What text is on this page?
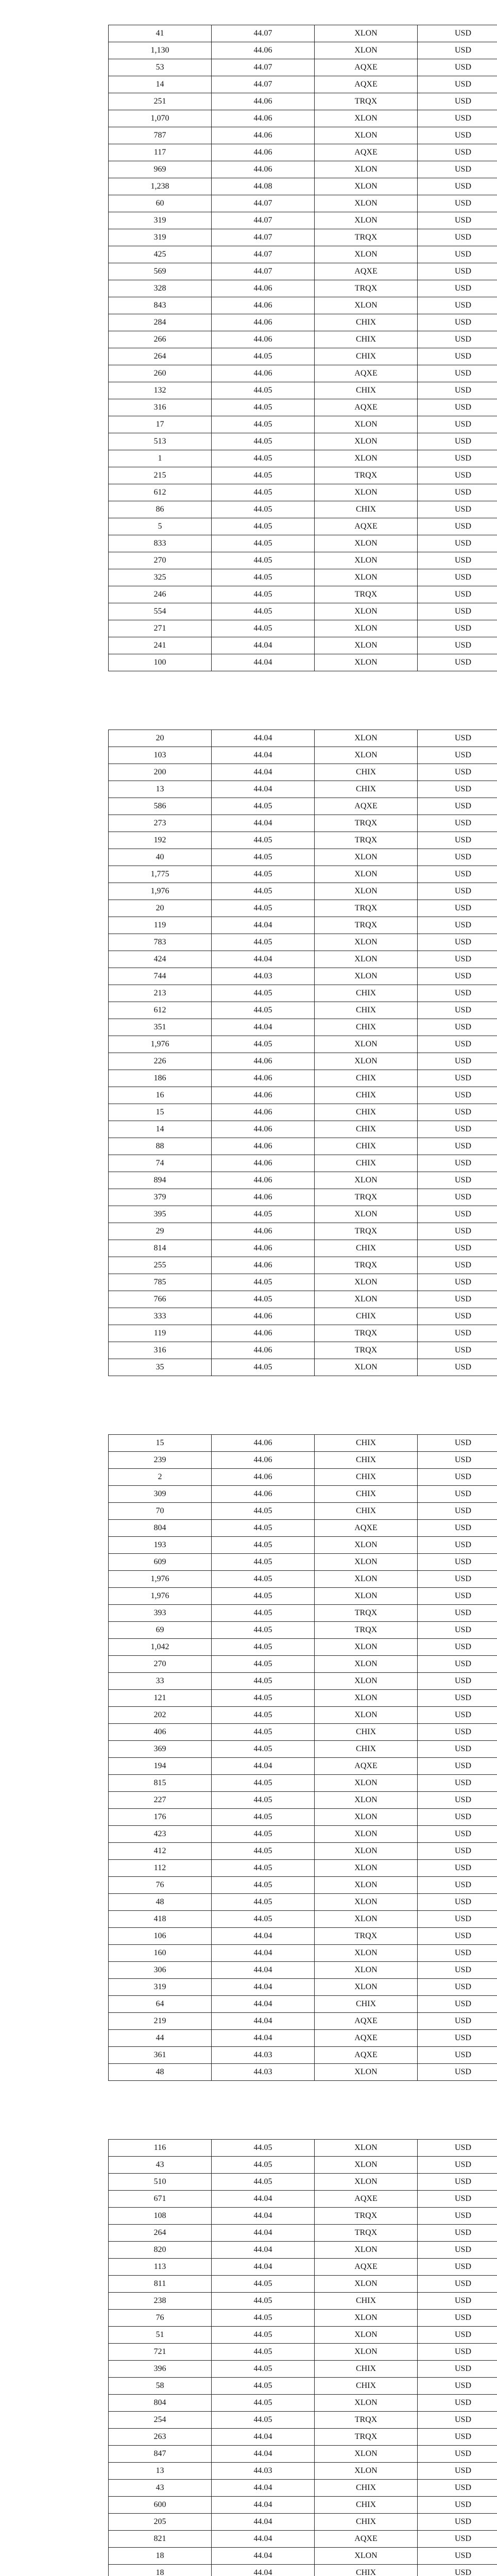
41	44.07	XLON	USD
1,130	44.06	XLON	USD
53	44.07	AQXE	USD
14	44.07	AQXE	USD
251	44.06	TRQX	USD
1,070	44.06	XLON	USD
787	44.06	XLON	USD
117	44.06	AQXE	USD
969	44.06	XLON	USD
1,238	44.08	XLON	USD
60	44.07	XLON	USD
319	44.07	XLON	USD
319	44.07	TRQX	USD
425	44.07	XLON	USD
569	44.07	AQXE	USD
328	44.06	TRQX	USD
843	44.06	XLON	USD
284	44.06	CHIX	USD
266	44.06	CHIX	USD
264	44.05	CHIX	USD
260	44.06	AQXE	USD
132	44.05	CHIX	USD
316	44.05	AQXE	USD
17	44.05	XLON	USD
513	44.05	XLON	USD
1	44.05	XLON	USD
215	44.05	TRQX	USD
612	44.05	XLON	USD
86	44.05	CHIX	USD
5	44.05	AQXE	USD
833	44.05	XLON	USD
270	44.05	XLON	USD
325	44.05	XLON	USD
246	44.05	TRQX	USD
554	44.05	XLON	USD
271	44.05	XLON	USD
241	44.04	XLON	USD
100	44.04	XLON	USD
20	44.04	XLON	USD
103	44.04	XLON	USD
200	44.04	CHIX	USD
13	44.04	CHIX	USD
586	44.05	AQXE	USD
273	44.04	TRQX	USD
192	44.05	TRQX	USD
40	44.05	XLON	USD
1,775	44.05	XLON	USD
1,976	44.05	XLON	USD
20	44.05	TRQX	USD
119	44.04	TRQX	USD
783	44.05	XLON	USD
424	44.04	XLON	USD
744	44.03	XLON	USD
213	44.05	CHIX	USD
612	44.05	CHIX	USD
351	44.04	CHIX	USD
1,976	44.05	XLON	USD
226	44.06	XLON	USD
186	44.06	CHIX	USD
16	44.06	CHIX	USD
15	44.06	CHIX	USD
14	44.06	CHIX	USD
88	44.06	CHIX	USD
74	44.06	CHIX	USD
894	44.06	XLON	USD
379	44.06	TRQX	USD
395	44.05	XLON	USD
29	44.06	TRQX	USD
814	44.06	CHIX	USD
255	44.06	TRQX	USD
785	44.05	XLON	USD
766	44.05	XLON	USD
333	44.06	CHIX	USD
119	44.06	TRQX	USD
316	44.06	TRQX	USD
35	44.05	XLON	USD
15	44.06	CHIX	USD
239	44.06	CHIX	USD
2	44.06	CHIX	USD
309	44.06	CHIX	USD
70	44.05	CHIX	USD
804	44.05	AQXE	USD
193	44.05	XLON	USD
609	44.05	XLON	USD
1,976	44.05	XLON	USD
1,976	44.05	XLON	USD
393	44.05	TRQX	USD
69	44.05	TRQX	USD
1,042	44.05	XLON	USD
270	44.05	XLON	USD
33	44.05	XLON	USD
121	44.05	XLON	USD
202	44.05	XLON	USD
406	44.05	CHIX	USD
369	44.05	CHIX	USD
194	44.04	AQXE	USD
815	44.05	XLON	USD
227	44.05	XLON	USD
176	44.05	XLON	USD
423	44.05	XLON	USD
412	44.05	XLON	USD
112	44.05	XLON	USD
76	44.05	XLON	USD
48	44.05	XLON	USD
418	44.05	XLON	USD
106	44.04	TRQX	USD
160	44.04	XLON	USD
306	44.04	XLON	USD
319	44.04	XLON	USD
64	44.04	CHIX	USD
219	44.04	AQXE	USD
44	44.04	AQXE	USD
361	44.03	AQXE	USD
48	44.03	XLON	USD
116	44.05	XLON	USD
43	44.05	XLON	USD
510	44.05	XLON	USD
671	44.04	AQXE	USD
108	44.04	TRQX	USD
264	44.04	TRQX	USD
820	44.04	XLON	USD
113	44.04	AQXE	USD
811	44.05	XLON	USD
238	44.05	CHIX	USD
76	44.05	XLON	USD
51	44.05	XLON	USD
721	44.05	XLON	USD
396	44.05	CHIX	USD
58	44.05	CHIX	USD
804	44.05	XLON	USD
254	44.05	TRQX	USD
263	44.04	TRQX	USD
847	44.04	XLON	USD
13	44.03	XLON	USD
43	44.04	CHIX	USD
600	44.04	CHIX	USD
205	44.04	CHIX	USD
821	44.04	AQXE	USD
18	44.04	XLON	USD
18	44.04	CHIX	USD
